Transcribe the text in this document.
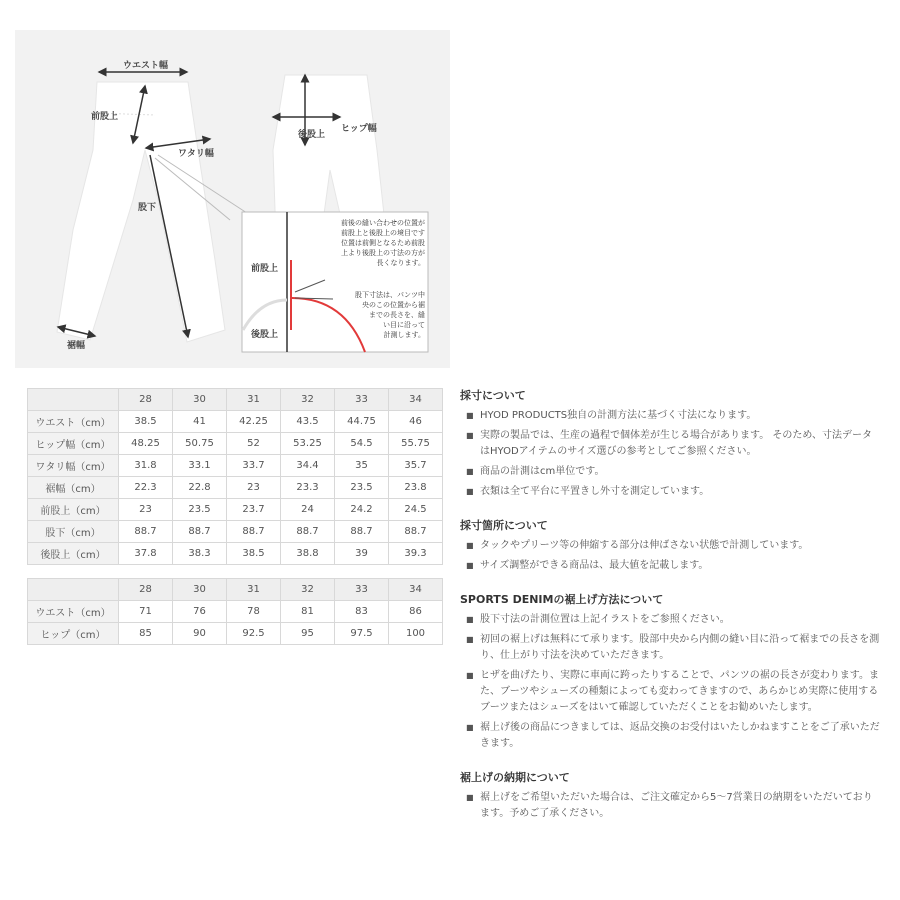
ウエスト幅
前股上
ワタリ幅
股下
裾幅
後股上
ヒップ幅
前股上
後股上
前後の縫い合わせの位置が
前股上と後股上の境目です
位置は前側となるため前股
上より後股上の寸法の方が
長くなります。
股下寸法は、パンツ中
央のこの位置から裾
までの長さを、縫
い目に沿って
計測します。
	28	30	31	32	33	34
ウエスト（cm）	38.5	41	42.25	43.5	44.75	46
ヒップ幅（cm）	48.25	50.75	52	53.25	54.5	55.75
ワタリ幅（cm）	31.8	33.1	33.7	34.4	35	35.7
裾幅（cm）	22.3	22.8	23	23.3	23.5	23.8
前股上（cm）	23	23.5	23.7	24	24.2	24.5
股下（cm）	88.7	88.7	88.7	88.7	88.7	88.7
後股上（cm）	37.8	38.3	38.5	38.8	39	39.3
	28	30	31	32	33	34
ウエスト（cm）	71	76	78	81	83	86
ヒップ（cm）	85	90	92.5	95	97.5	100
採寸について
■ HYOD PRODUCTS独自の計測方法に基づく寸法になります。
■ 実際の製品では、生産の過程で個体差が生じる場合があります。 そのため、寸法データはHYODアイテムのサイズ選びの参考としてご参照ください。
■ 商品の計測はcm単位です。
■ 衣類は全て平台に平置きし外寸を測定しています。
採寸箇所について
■ タックやプリーツ等の伸縮する部分は伸ばさない状態で計測しています。
■ サイズ調整ができる商品は、最大値を記載します。
SPORTS DENIMの裾上げ方法について
■ 股下寸法の計測位置は上記イラストをご参照ください。
■ 初回の裾上げは無料にて承ります。股部中央から内側の縫い目に沿って裾までの長さを測り、仕上がり寸法を決めていただきます。
■ ヒザを曲げたり、実際に車両に跨ったりすることで、パンツの裾の長さが変わります。また、ブーツやシューズの種類によっても変わってきますので、あらかじめ実際に使用するブーツまたはシューズをはいて確認していただくことをお勧めいたします。
■ 裾上げ後の商品につきましては、返品交換のお受付はいたしかねますことをご了承いただきます。
裾上げの納期について
■ 裾上げをご希望いただいた場合は、ご注文確定から5～7営業日の納期をいただいております。予めご了承ください。
